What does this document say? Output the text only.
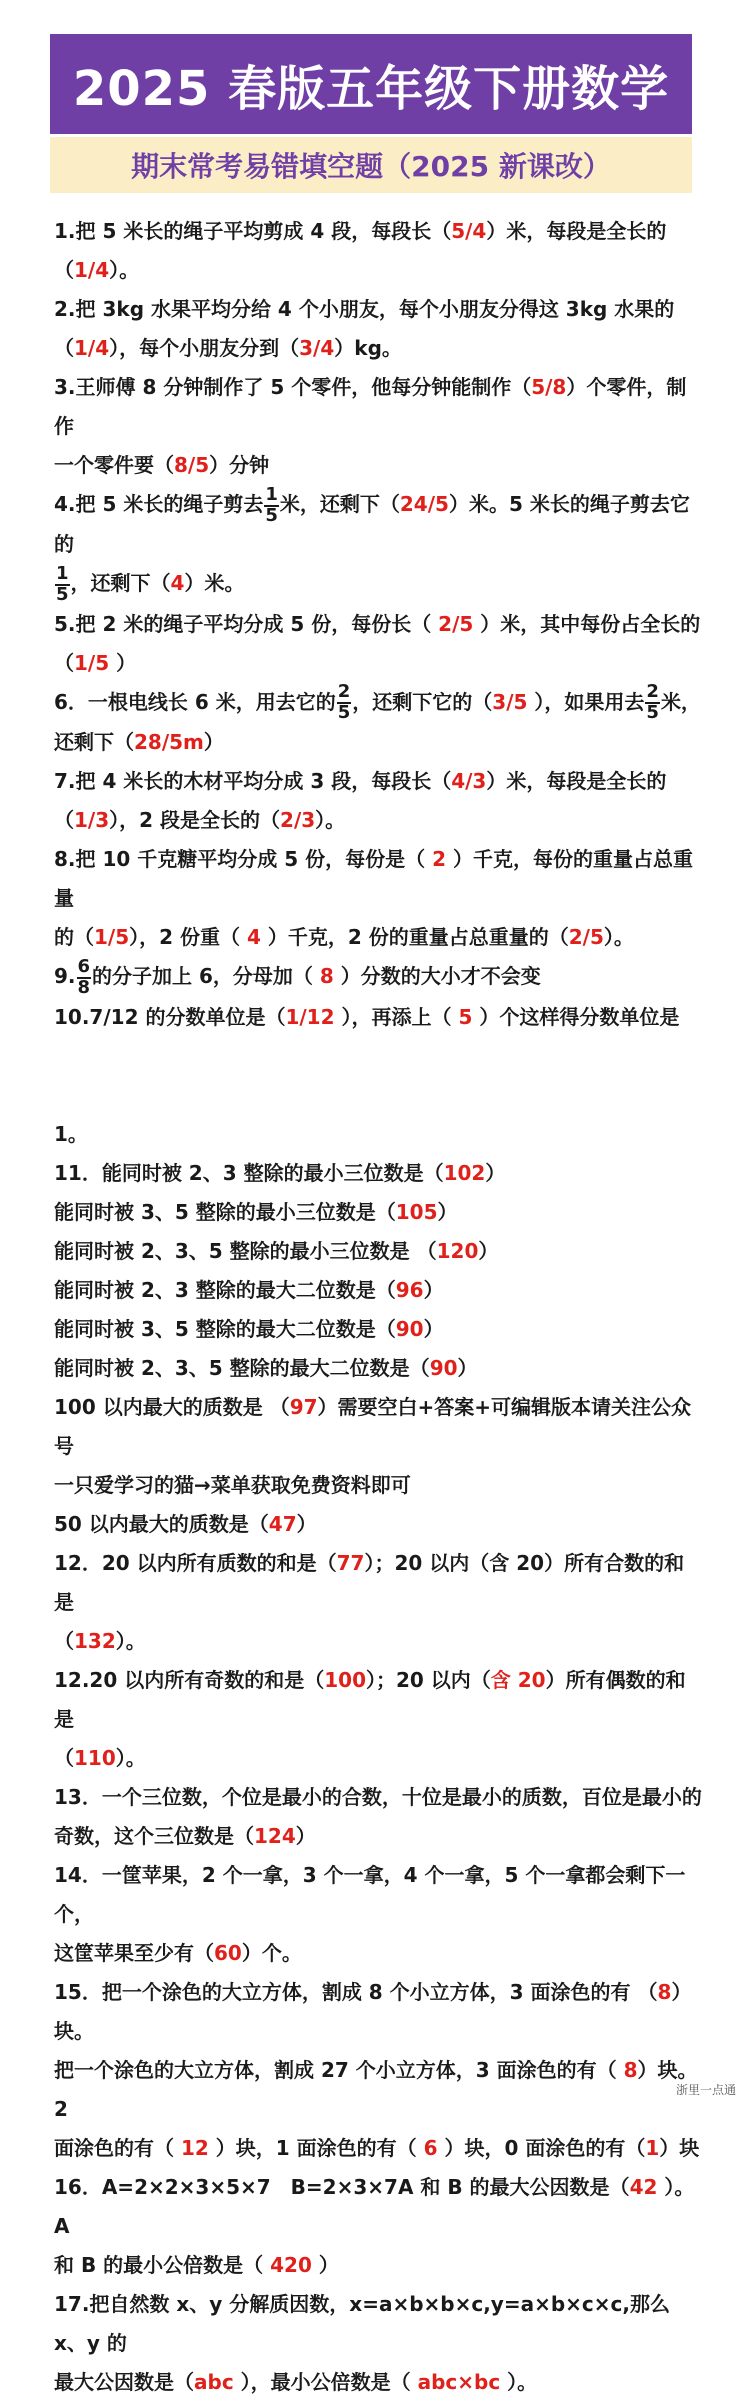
2025 春版五年级下册数学
期末常考易错填空题（2025 新课改）

1.把 5 米长的绳子平均剪成 4 段，每段长（5/4）米，每段是全长的

（1/4）。

2.把 3kg 水果平均分给 4 个小朋友，每个小朋友分得这 3kg 水果的

（1/4），每个小朋友分到（3/4）kg。

3.王师傅 8 分钟制作了 5 个零件，他每分钟能制作（5/8）个零件，制作

一个零件要（8/5）分钟

4.把 5 米长的绳子剪去 $\frac{1}{5}$ 米，还剩下（24/5）米。5 米长的绳子剪去它的

$\frac{1}{5}$ ，还剩下（4）米。

5.把 2 米的绳子平均分成 5 份，每份长（ 2/5 ）米，其中每份占全长的

（1/5 ）

6．一根电线长 6 米，用去它的 $\frac{2}{5}$ ，还剩下它的（3/5 ），如果用去 $\frac{2}{5}$ 米，

还剩下（28/5m）

7.把 4 米长的木材平均分成 3 段，每段长（4/3）米，每段是全长的

（1/3），2 段是全长的（2/3）。

8.把 10 千克糖平均分成 5 份，每份是（ 2 ）千克，每份的重量占总重量

的（1/5），2 份重（ 4 ）千克，2 份的重量占总重量的（2/5）。

9. $\frac{6}{8}$ 的分子加上 6，分母加（ 8 ）分数的大小才不会变

10.7/12 的分数单位是（1/12 ），再添上（ 5 ）个这样得分数单位是

1。

11．能同时被 2、3 整除的最小三位数是（102）

能同时被 3、5 整除的最小三位数是（105）

能同时被 2、3、5 整除的最小三位数是 （120）

能同时被 2、3 整除的最大二位数是（96）

能同时被 3、5 整除的最大二位数是（90）

能同时被 2、3、5 整除的最大二位数是（90）

100 以内最大的质数是 （97）需要空白+答案+可编辑版本请关注公众号

一只爱学习的猫→菜单获取免费资料即可

50 以内最大的质数是（47）

12．20 以内所有质数的和是（77）；20 以内（含 20）所有合数的和是

（132）。

12.20 以内所有奇数的和是（100）；20 以内（含 20）所有偶数的和是

（110）。

13．一个三位数，个位是最小的合数，十位是最小的质数，百位是最小的

奇数，这个三位数是（124）

14．一筐苹果，2 个一拿，3 个一拿，4 个一拿，5 个一拿都会剩下一个，

这筐苹果至少有（60）个。

15．把一个涂色的大立方体，割成 8 个小立方体，3 面涂色的有 （8）块。

把一个涂色的大立方体，割成 27 个小立方体，3 面涂色的有（ 8）块。2

面涂色的有（ 12 ）块，1 面涂色的有（ 6 ）块，0 面涂色的有（1）块

16．A=2×2×3×5×7　B=2×3×7A 和 B 的最大公因数是（42 ）。A

和 B 的最小公倍数是（ 420 ）

17.把自然数 x、y 分解质因数，x=a×b×b×c,y=a×b×c×c,那么 x、y 的

最大公因数是（abc ），最小公倍数是（ abc×bc ）。

浙里一点通
